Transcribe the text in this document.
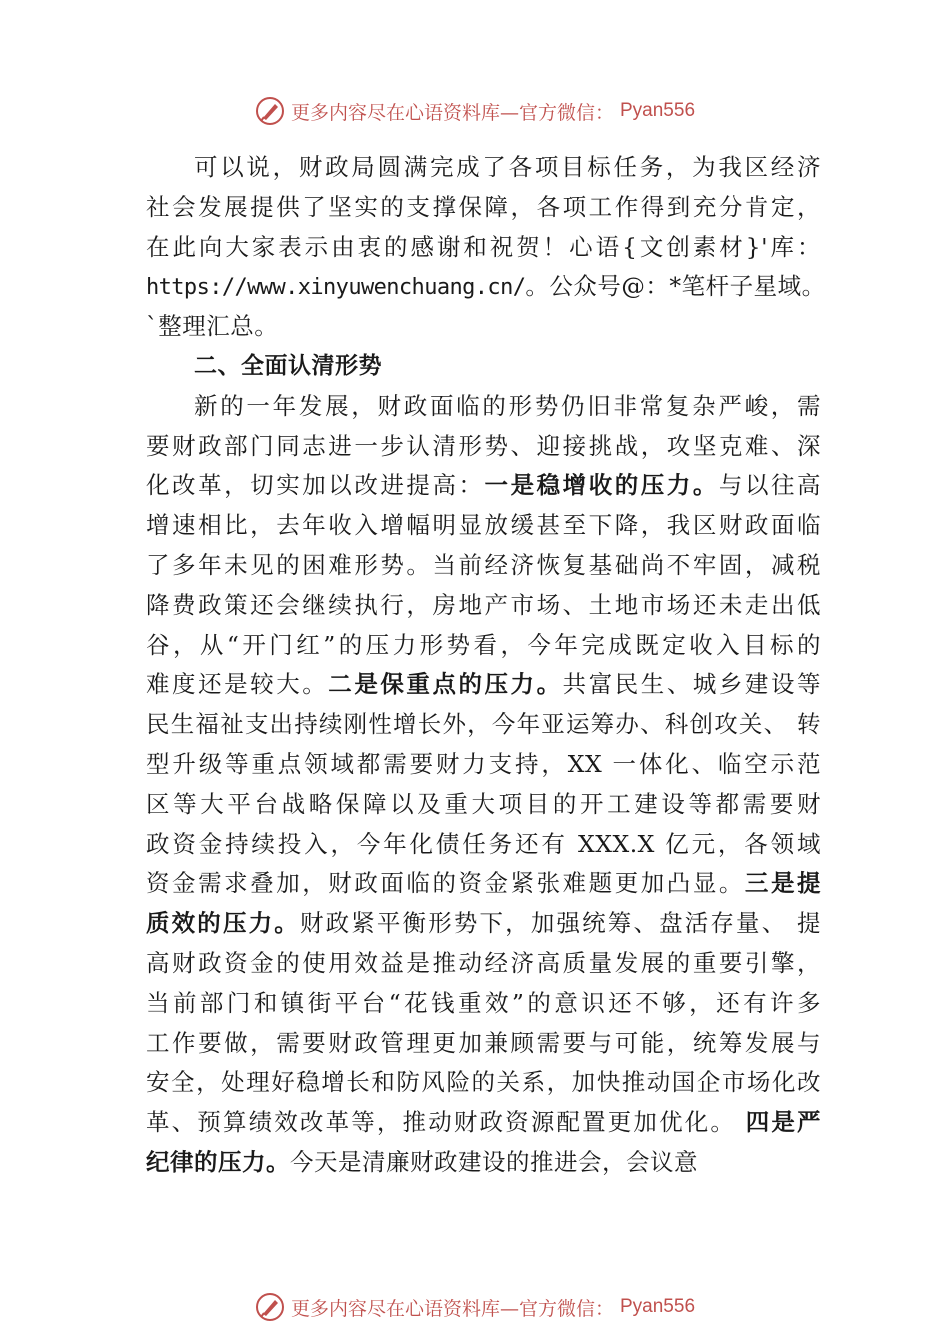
更多内容尽在心语资料库—官方微信： Pyan556
可以说，财政局圆满完成了各项目标任务，为我区经济
社会发展提供了坚实的支撑保障，各项工作得到充分肯定，
在此向大家表示由衷的感谢和祝贺！心语{文创素材}'库：
https://www.xinyuwenchuang.cn/。公众号@：*笔杆子星域。
`整理汇总。
二、全面认清形势
新的一年发展，财政面临的形势仍旧非常复杂严峻，需
要财政部门同志进一步认清形势、迎接挑战，攻坚克难、深
化改革，切实加以改进提高：一是稳增收的压力。与以往高
增速相比，去年收入增幅明显放缓甚至下降，我区财政面临
了多年未见的困难形势。当前经济恢复基础尚不牢固，减税
降费政策还会继续执行，房地产市场、土地市场还未走出低
谷，从“开门红”的压力形势看，今年完成既定收入目标的
难度还是较大。二是保重点的压力。共富民生、城乡建设等
民生福祉支出持续刚性增长外，今年亚运筹办、科创攻关、 转
型升级等重点领域都需要财力支持，XX 一体化、临空示范
区等大平台战略保障以及重大项目的开工建设等都需要财
政资金持续投入，今年化债任务还有 XXX.X 亿元，各领域
资金需求叠加，财政面临的资金紧张难题更加凸显。三是提
质效的压力。财政紧平衡形势下，加强统筹、盘活存量、 提
高财政资金的使用效益是推动经济高质量发展的重要引擎，
当前部门和镇街平台“花钱重效”的意识还不够，还有许多
工作要做，需要财政管理更加兼顾需要与可能，统筹发展与
安全，处理好稳增长和防风险的关系，加快推动国企市场化改
革、预算绩效改革等，推动财政资源配置更加优化。 四是严
纪律的压力。今天是清廉财政建设的推进会，会议意
更多内容尽在心语资料库—官方微信： Pyan556
